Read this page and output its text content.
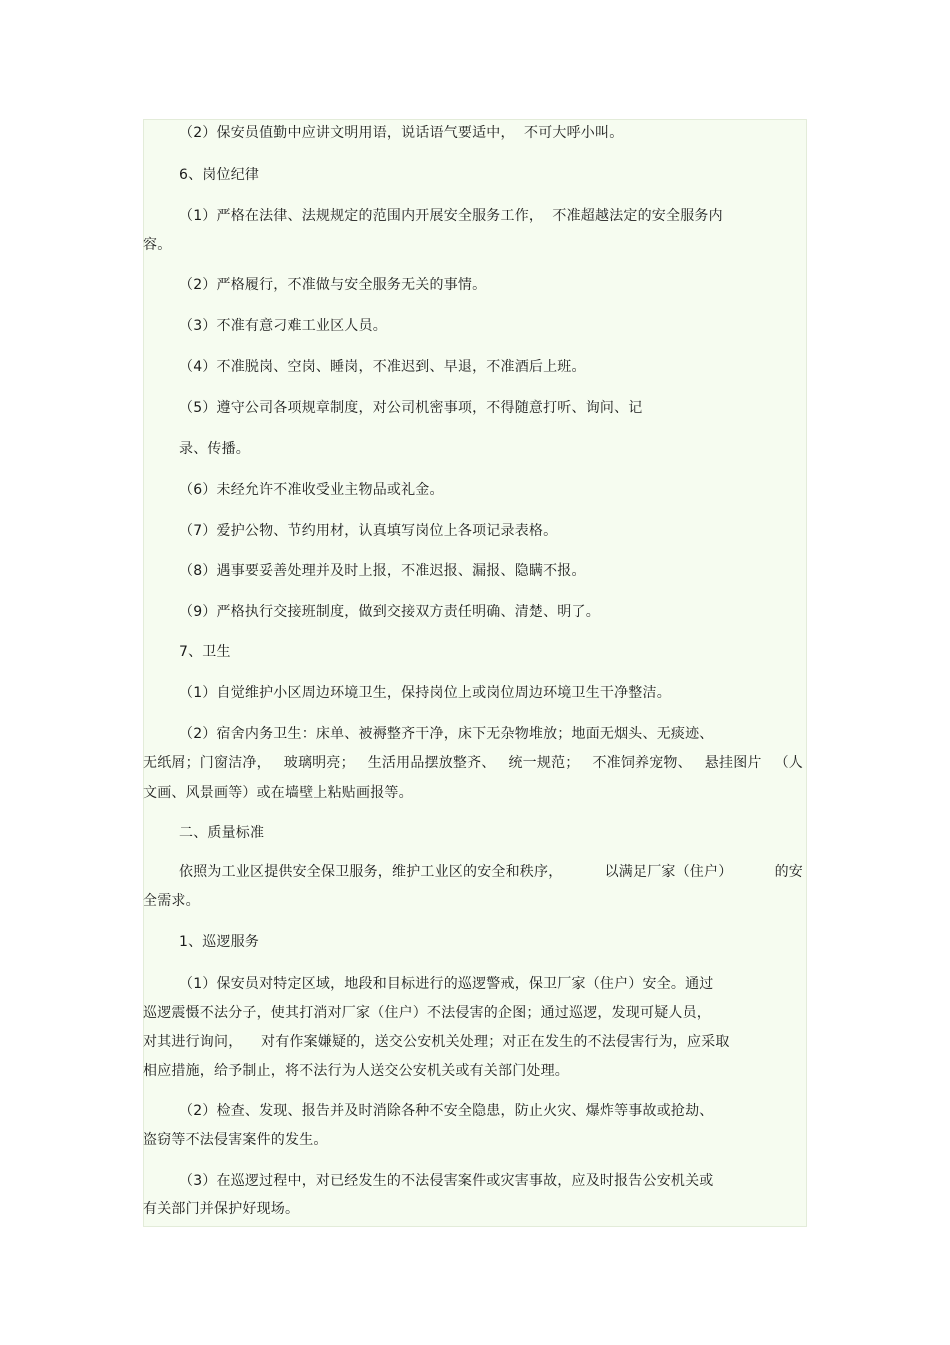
（2）保安员值勤中应讲文明用语，说话语气要适中，  不可大呼小叫。
6、岗位纪律
（1）严格在法律、法规规定的范围内开展安全服务工作，  不准超越法定的安全服务内
容。
（2）严格履行，不准做与安全服务无关的事情。
（3）不准有意刁难工业区人员。
（4）不准脱岗、空岗、睡岗，不准迟到、早退，不准酒后上班。
（5）遵守公司各项规章制度，对公司机密事项，不得随意打听、询问、记
录、传播。
（6）未经允许不准收受业主物品或礼金。
（7）爱护公物、节约用材，认真填写岗位上各项记录表格。
（8）遇事要妥善处理并及时上报，不准迟报、漏报、隐瞒不报。
（9）严格执行交接班制度，做到交接双方责任明确、清楚、明了。
7、卫生
（1）自觉维护小区周边环境卫生，保持岗位上或岗位周边环境卫生干净整洁。
（2）宿舍内务卫生：床单、被褥整齐干净，床下无杂物堆放；地面无烟头、无痰迹、
无纸屑；门窗洁净， 玻璃明亮； 生活用品摆放整齐、 统一规范； 不准饲养宠物、 悬挂图片 （人
文画、风景画等）或在墙壁上粘贴画报等。
二、质量标准
依照为工业区提供安全保卫服务，维护工业区的安全和秩序，	以满足厂家（住户）	的安
全需求。
1、巡逻服务
（1）保安员对特定区域，地段和目标进行的巡逻警戒，保卫厂家（住户）安全。通过
巡逻震慑不法分子，使其打消对厂家（住户）不法侵害的企图；通过巡逻，发现可疑人员，
对其进行询问，    对有作案嫌疑的，送交公安机关处理；对正在发生的不法侵害行为，应采取
相应措施，给予制止，将不法行为人送交公安机关或有关部门处理。
（2）检查、发现、报告并及时消除各种不安全隐患，防止火灾、爆炸等事故或抢劫、
盗窃等不法侵害案件的发生。
（3）在巡逻过程中，对已经发生的不法侵害案件或灾害事故，应及时报告公安机关或
有关部门并保护好现场。
